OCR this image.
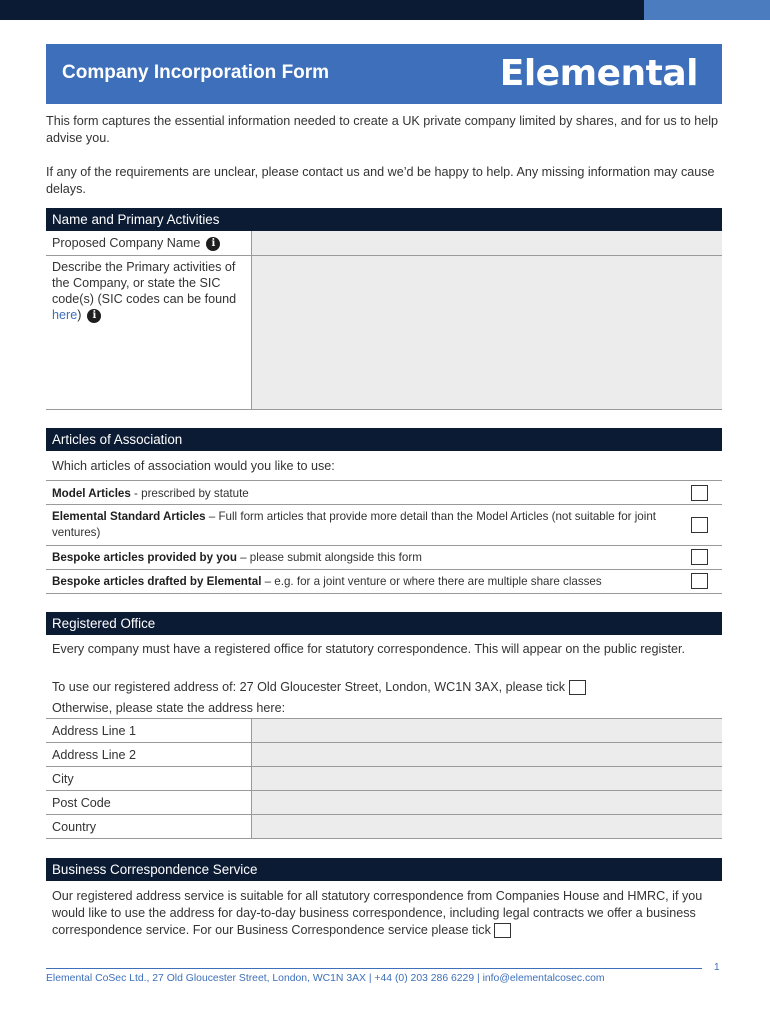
Company Incorporation Form	Elemental
This form captures the essential information needed to create a UK private company limited by shares, and for us to help advise you.
If any of the requirements are unclear, please contact us and we’d be happy to help. Any missing information may cause delays.
Name and Primary Activities
Proposed Company Name i
Describe the Primary activities of the Company, or state the SIC code(s) (SIC codes can be found here) i
Articles of Association
Which articles of association would you like to use:
Model Articles - prescribed by statute
Elemental Standard Articles – Full form articles that provide more detail than the Model Articles (not suitable for joint ventures)
Bespoke articles provided by you – please submit alongside this form
Bespoke articles drafted by Elemental – e.g. for a joint venture or where there are multiple share classes
Registered Office
Every company must have a registered office for statutory correspondence. This will appear on the public register.
To use our registered address of: 27 Old Gloucester Street, London, WC1N 3AX, please tick
Otherwise, please state the address here:
Address Line 1
Address Line 2
City
Post Code
Country
Business Correspondence Service
Our registered address service is suitable for all statutory correspondence from Companies House and HMRC, if you would like to use the address for day-to-day business correspondence, including legal contracts we offer a business correspondence service. For our Business Correspondence service please tick
1
Elemental CoSec Ltd., 27 Old Gloucester Street, London, WC1N 3AX | +44 (0) 203 286 6229 | info@elementalcosec.com
